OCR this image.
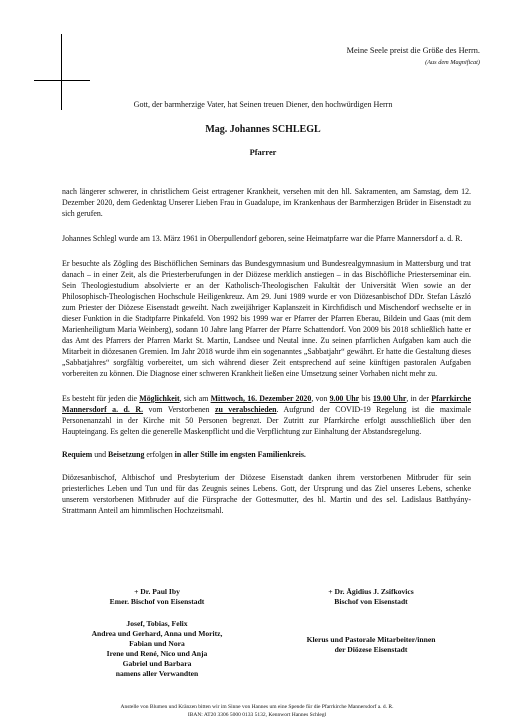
Meine Seele preist die Größe des Herrn.
(Aus dem Magnificat)
Gott, der barmherzige Vater, hat Seinen treuen Diener, den hochwürdigen Herrn
Mag. Johannes SCHLEGL
Pfarrer

nach längerer schwerer, in christlichem Geist ertragener Krankheit, versehen mit den hll. Sakramenten, am Samstag, dem 12. Dezember 2020, dem Gedenktag Unserer Lieben Frau in Guadalupe, im Krankenhaus der Barmherzigen Brüder in Eisenstadt zu sich gerufen.

Johannes Schlegl wurde am 13. März 1961 in Oberpullendorf geboren, seine Heimatpfarre war die Pfarre Mannersdorf a. d. R.

Er besuchte als Zögling des Bischöflichen Seminars das Bundesgymnasium und Bundesrealgymnasium in Mattersburg und trat danach – in einer Zeit, als die Priesterberufungen in der Diözese merklich anstiegen – in das Bischöfliche Priesterseminar ein. Sein Theologiestudium absolvierte er an der Katholisch-Theologischen Fakultät der Universität Wien sowie an der Philosophisch-Theologischen Hochschule Heiligenkreuz. Am 29. Juni 1989 wurde er von Diözesanbischof DDr. Stefan László zum Priester der Diözese Eisenstadt geweiht. Nach zweijähriger Kaplanszeit in Kirchfidisch und Mischendorf wechselte er in dieser Funktion in die Stadtpfarre Pinkafeld. Von 1992 bis 1999 war er Pfarrer der Pfarren Eberau, Bildein und Gaas (mit dem Marienheiligtum Maria Weinberg), sodann 10 Jahre lang Pfarrer der Pfarre Schattendorf. Von 2009 bis 2018 schließlich hatte er das Amt des Pfarrers der Pfarren Markt St. Martin, Landsee und Neutal inne. Zu seinen pfarrlichen Aufgaben kam auch die Mitarbeit in diözesanen Gremien. Im Jahr 2018 wurde ihm ein sogenanntes „Sabbatjahr“ gewährt. Er hatte die Gestaltung dieses „Sabbatjahres“ sorgfältig vorbereitet, um sich während dieser Zeit entsprechend auf seine künftigen pastoralen Aufgaben vorbereiten zu können. Die Diagnose einer schweren Krankheit ließen eine Umsetzung seiner Vorhaben nicht mehr zu.

Es besteht für jeden die Möglichkeit, sich am Mittwoch, 16. Dezember 2020, von 9.00 Uhr bis 19.00 Uhr, in der Pfarrkirche Mannersdorf a. d. R. vom Verstorbenen zu verabschieden. Aufgrund der COVID-19 Regelung ist die maximale Personenanzahl in der Kirche mit 50 Personen begrenzt. Der Zutritt zur Pfarrkirche erfolgt ausschließlich über den Haupteingang. Es gelten die generelle Maskenpflicht und die Verpflichtung zur Einhaltung der Abstandsregelung.

Requiem und Beisetzung erfolgen in aller Stille im engsten Familienkreis.

Diözesanbischof, Altbischof und Presbyterium der Diözese Eisenstadt danken ihrem verstorbenen Mitbruder für sein priesterliches Leben und Tun und für das Zeugnis seines Lebens. Gott, der Ursprung und das Ziel unseres Lebens, schenke unserem verstorbenen Mitbruder auf die Fürsprache der Gottesmutter, des hl. Martin und des sel. Ladislaus Batthyány-Strattmann Anteil am himmlischen Hochzeitsmahl.

+ Dr. Paul Iby
Emer. Bischof von Eisenstadt
+ Dr. Ägidius J. Zsifkovics
Bischof von Eisenstadt
Josef, Tobias, Felix
Andrea und Gerhard, Anna und Moritz,
Fabian und Nora
Irene und René, Nico und Anja
Gabriel und Barbara
namens aller Verwandten
Klerus und Pastorale Mitarbeiter/innen
der Diözese Eisenstadt
Anstelle von Blumen und Kränzen bitten wir im Sinne von Hannes um eine Spende für die Pfarrkirche Mannersdorf a. d. R.
IBAN: AT20 3306 5000 0133 5132, Kennwort Hannes Schlegl
